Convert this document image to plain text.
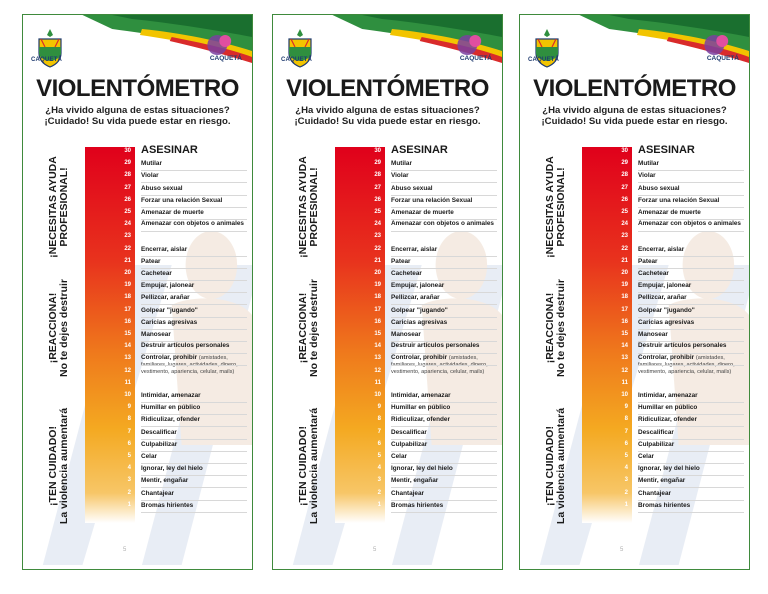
CAQUETÁ	CAQUETÁ
VIOLENTÓMETRO
¿Ha vivido alguna de estas situaciones?
¡Cuidado! Su vida puede estar en riesgo.
¡NECESITAS AYUDA PROFESIONAL!
¡REACCIONA! No te dejes destruir
¡TEN CUIDADO! La violencia aumentará
30 ASESINAR
29 Mutilar
28 Violar
27 Abuso sexual
26 Forzar una relación Sexual
25 Amenazar de muerte
24 Amenazar con objetos o animales
23
22 Encerrar, aislar
21 Patear
20 Cachetear
19 Empujar, jalonear
18 Pellizcar, arañar
17 Golpear "jugando"
16 Caricias agresivas
15 Manosear
14 Destruir artículos personales
13 Controlar, prohibir (amistades, familiares, lugares, actividades, dinero, vestimento, apariencia, celular, mails)
12
11
10 Intimidar, amenazar
9 Humillar en público
8 Ridiculizar, ofender
7 Descalificar
6 Culpabilizar
5 Celar
4 Ignorar, ley del hielo
3 Mentir, engañar
2 Chantajear
1 Bromas hirientes
5
CAQUETÁ	CAQUETÁ
VIOLENTÓMETRO
¿Ha vivido alguna de estas situaciones?
¡Cuidado! Su vida puede estar en riesgo.
¡NECESITAS AYUDA PROFESIONAL!
¡REACCIONA! No te dejes destruir
¡TEN CUIDADO! La violencia aumentará
30 ASESINAR
29 Mutilar
28 Violar
27 Abuso sexual
26 Forzar una relación Sexual
25 Amenazar de muerte
24 Amenazar con objetos o animales
23
22 Encerrar, aislar
21 Patear
20 Cachetear
19 Empujar, jalonear
18 Pellizcar, arañar
17 Golpear "jugando"
16 Caricias agresivas
15 Manosear
14 Destruir artículos personales
13 Controlar, prohibir (amistades, familiares, lugares, actividades, dinero, vestimento, apariencia, celular, mails)
12
11
10 Intimidar, amenazar
9 Humillar en público
8 Ridiculizar, ofender
7 Descalificar
6 Culpabilizar
5 Celar
4 Ignorar, ley del hielo
3 Mentir, engañar
2 Chantajear
1 Bromas hirientes
5
CAQUETÁ	CAQUETÁ
VIOLENTÓMETRO
¿Ha vivido alguna de estas situaciones?
¡Cuidado! Su vida puede estar en riesgo.
¡NECESITAS AYUDA PROFESIONAL!
¡REACCIONA! No te dejes destruir
¡TEN CUIDADO! La violencia aumentará
30 ASESINAR
29 Mutilar
28 Violar
27 Abuso sexual
26 Forzar una relación Sexual
25 Amenazar de muerte
24 Amenazar con objetos o animales
23
22 Encerrar, aislar
21 Patear
20 Cachetear
19 Empujar, jalonear
18 Pellizcar, arañar
17 Golpear "jugando"
16 Caricias agresivas
15 Manosear
14 Destruir artículos personales
13 Controlar, prohibir (amistades, familiares, lugares, actividades, dinero, vestimento, apariencia, celular, mails)
12
11
10 Intimidar, amenazar
9 Humillar en público
8 Ridiculizar, ofender
7 Descalificar
6 Culpabilizar
5 Celar
4 Ignorar, ley del hielo
3 Mentir, engañar
2 Chantajear
1 Bromas hirientes
5
